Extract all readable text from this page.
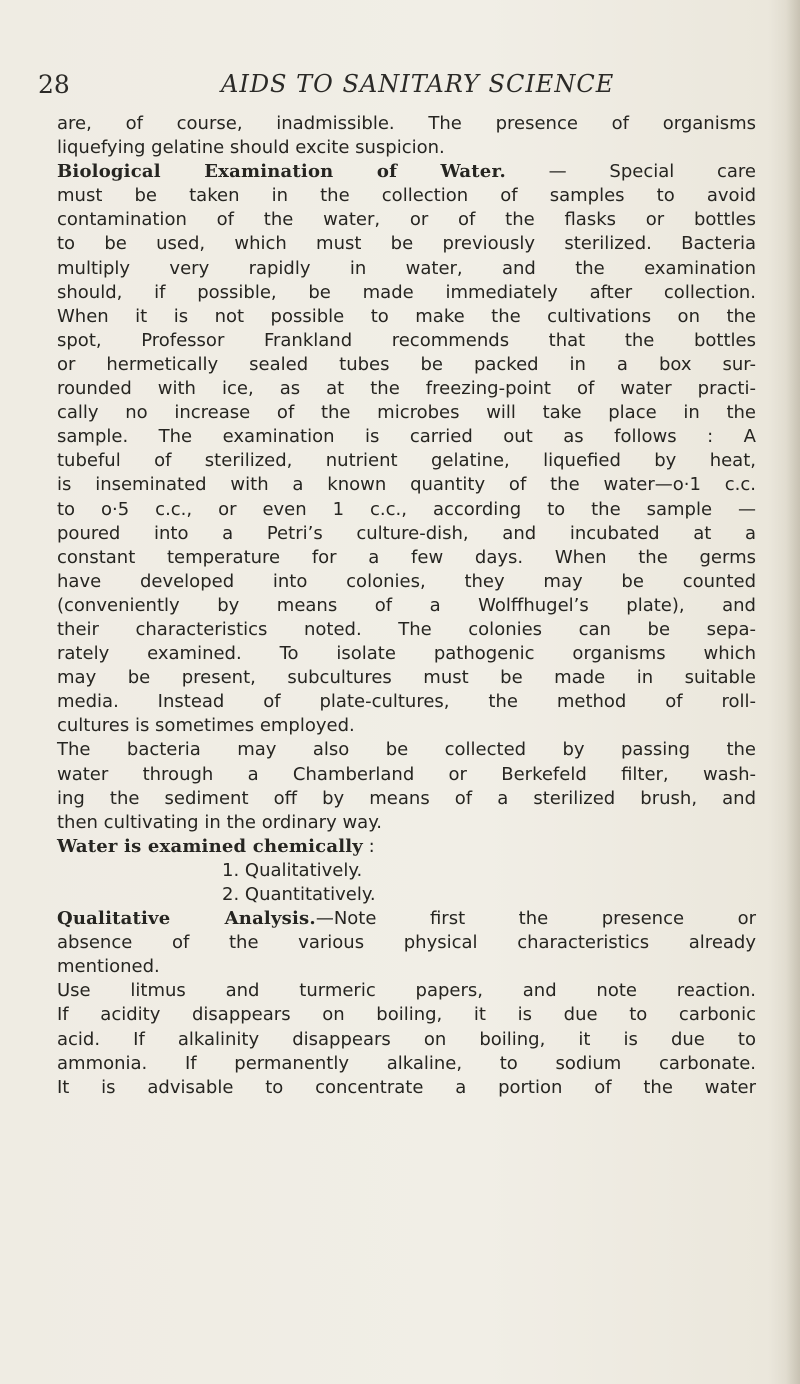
28	AIDS TO SANITARY SCIENCE
are, of course, inadmissible. The presence of organisms
liquefying gelatine should excite suspicion.
Biological Examination of Water. — Special care
must be taken in the collection of samples to avoid
contamination of the water, or of the flasks or bottles
to be used, which must be previously sterilized. Bacteria
multiply very rapidly in water, and the examination
should, if possible, be made immediately after collection.
When it is not possible to make the cultivations on the
spot, Professor Frankland recommends that the bottles
or hermetically sealed tubes be packed in a box sur-
rounded with ice, as at the freezing-point of water practi-
cally no increase of the microbes will take place in the
sample. The examination is carried out as follows : A
tubeful of sterilized, nutrient gelatine, liquefied by heat,
is inseminated with a known quantity of the water—o·1 c.c.
to o·5 c.c., or even 1 c.c., according to the sample —
poured into a Petri’s culture-dish, and incubated at a
constant temperature for a few days. When the germs
have developed into colonies, they may be counted
(conveniently by means of a Wolffhugel’s plate), and
their characteristics noted. The colonies can be sepa-
rately examined. To isolate pathogenic organisms which
may be present, subcultures must be made in suitable
media. Instead of plate-cultures, the method of roll-
cultures is sometimes employed.
The bacteria may also be collected by passing the
water through a Chamberland or Berkefeld filter, wash-
ing the sediment off by means of a sterilized brush, and
then cultivating in the ordinary way.
Water is examined chemically :
1. Qualitatively.
2. Quantitatively.
Qualitative Analysis.—Note first the presence or
absence of the various physical characteristics already
mentioned.
Use litmus and turmeric papers, and note reaction.
If acidity disappears on boiling, it is due to carbonic
acid. If alkalinity disappears on boiling, it is due to
ammonia. If permanently alkaline, to sodium carbonate.
It is advisable to concentrate a portion of the water
